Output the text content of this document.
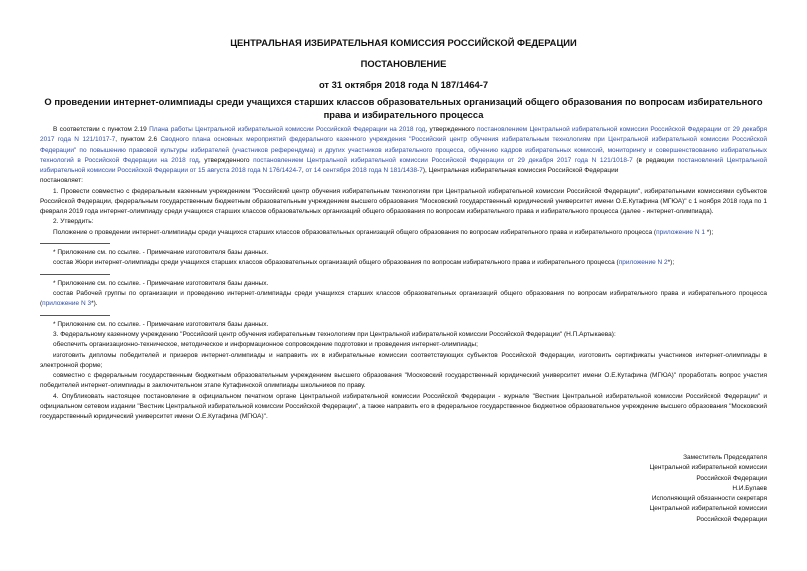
ЦЕНТРАЛЬНАЯ ИЗБИРАТЕЛЬНАЯ КОМИССИЯ РОССИЙСКОЙ ФЕДЕРАЦИИ
ПОСТАНОВЛЕНИЕ
от 31 октября 2018 года N 187/1464-7
О проведении интернет-олимпиады среди учащихся старших классов образовательных организаций общего образования по вопросам избирательного права и избирательного процесса

В соответствии с пунктом 2.19 Плана работы Центральной избирательной комиссии Российской Федерации на 2018 год, утвержденного постановлением Центральной избирательной комиссии Российской Федерации от 29 декабря 2017 года N 121/1017-7, пунктом 2.6 Сводного плана основных мероприятий федерального казенного учреждения "Российский центр обучения избирательным технологиям при Центральной избирательной комиссии Российской Федерации" по повышению правовой культуры избирателей (участников референдума) и других участников избирательного процесса, обучению кадров избирательных комиссий, мониторингу и совершенствованию избирательных технологий в Российской Федерации на 2018 год, утвержденного постановлением Центральной избирательной комиссии Российской Федерации от 29 декабря 2017 года N 121/1018-7 (в редакции постановлений Центральной избирательной комиссии Российской Федерации от 15 августа 2018 года N 176/1424-7, от 14 сентября 2018 года N 181/1438-7), Центральная избирательная комиссия Российской Федерации

постановляет:

1. Провести совместно с федеральным казенным учреждением "Российский центр обучения избирательным технологиям при Центральной избирательной комиссии Российской Федерации", избирательными комиссиями субъектов Российской Федерации, федеральным государственным бюджетным образовательным учреждением высшего образования "Московский государственный юридический университет имени О.Е.Кутафина (МГЮА)" с 1 ноября 2018 года по 1 февраля 2019 года интернет-олимпиаду среди учащихся старших классов образовательных организаций общего образования по вопросам избирательного права и избирательного процесса (далее - интернет-олимпиада).

2. Утвердить:

Положение о проведении интернет-олимпиады среди учащихся старших классов образовательных организаций общего образования по вопросам избирательного права и избирательного процесса (приложение N 1 *);

* Приложение см. по ссылке. - Примечание изготовителя базы данных.

состав Жюри интернет-олимпиады среди учащихся старших классов образовательных организаций общего образования по вопросам избирательного права и избирательного процесса (приложение N 2*);

* Приложение см. по ссылке. - Примечание изготовителя базы данных.

состав Рабочей группы по организации и проведению интернет-олимпиады среди учащихся старших классов образовательных организаций общего образования по вопросам избирательного права и избирательного процесса (приложение N 3*).

* Приложение см. по ссылке. - Примечание изготовителя базы данных.

3. Федеральному казенному учреждению "Российский центр обучения избирательным технологиям при Центральной избирательной комиссии Российской Федерации" (Н.П.Артыкаева):

обеспечить организационно-техническое, методическое и информационное сопровождение подготовки и проведения интернет-олимпиады;

изготовить дипломы победителей и призеров интернет-олимпиады и направить их в избирательные комиссии соответствующих субъектов Российской Федерации, изготовить сертификаты участников интернет-олимпиады в электронной форме;

совместно с федеральным государственным бюджетным образовательным учреждением высшего образования "Московский государственный юридический университет имени О.Е.Кутафина (МГЮА)" проработать вопрос участия победителей интернет-олимпиады в заключительном этапе Кутафинской олимпиады школьников по праву.

4. Опубликовать настоящее постановление в официальном печатном органе Центральной избирательной комиссии Российской Федерации - журнале "Вестник Центральной избирательной комиссии Российской Федерации" и официальном сетевом издании "Вестник Центральной избирательной комиссии Российской Федерации", а также направить его в федеральное государственное бюджетное образовательное учреждение высшего образования "Московский государственный юридический университет имени О.Е.Кутафина (МГЮА)".

Заместитель Председателя

Центральной избирательной комиссии

Российской Федерации

Н.И.Булаев

Исполняющий обязанности секретаря

Центральной избирательной комиссии

Российской Федерации
